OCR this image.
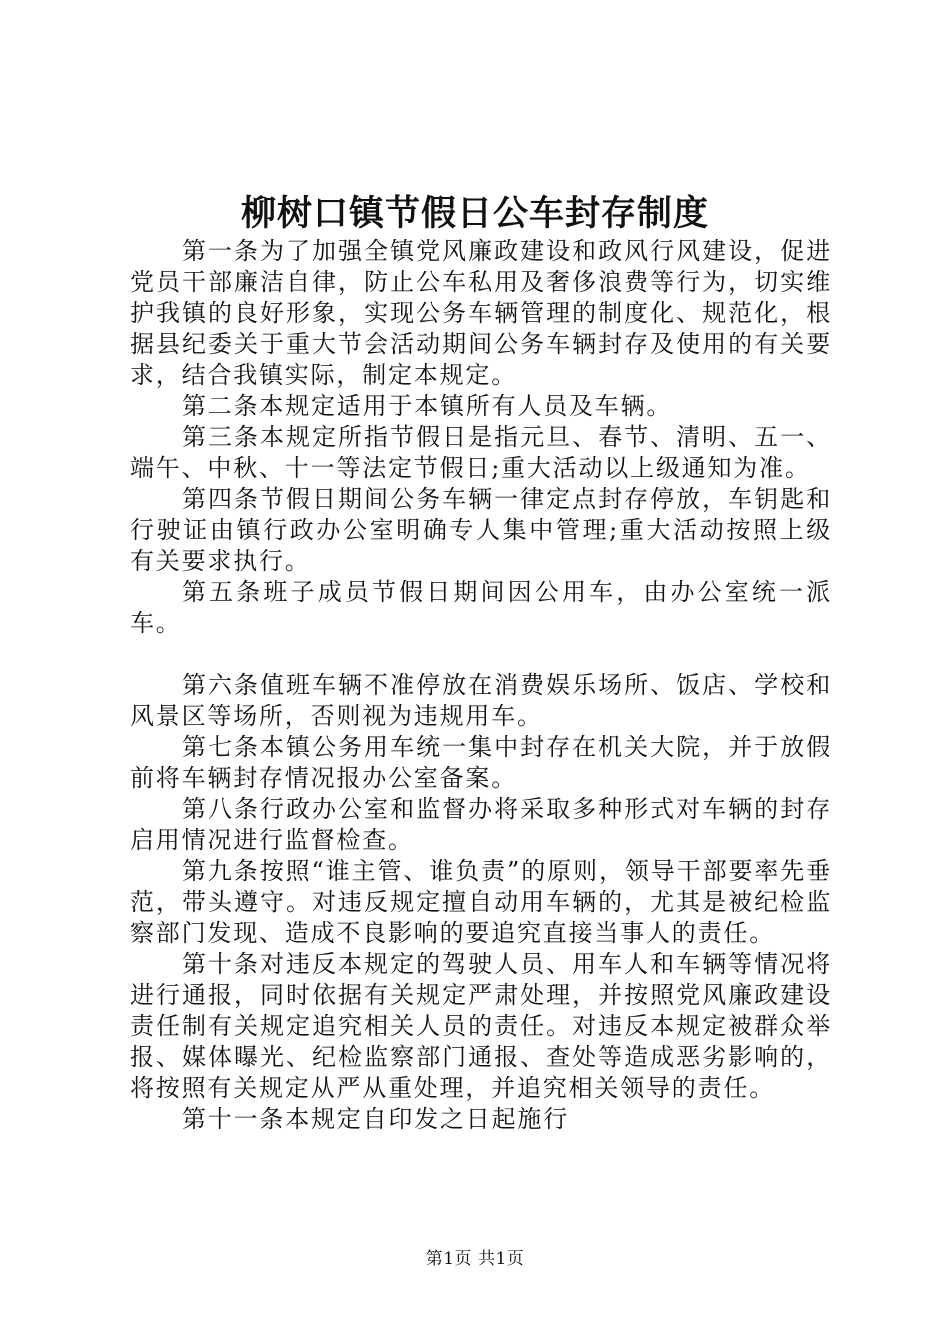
柳树口镇节假日公车封存制度

第一条为了加强全镇党风廉政建设和政风行风建设，促进党员干部廉洁自律，防止公车私用及奢侈浪费等行为，切实维护我镇的良好形象，实现公务车辆管理的制度化、规范化，根据县纪委关于重大节会活动期间公务车辆封存及使用的有关要求，结合我镇实际，制定本规定。

第二条本规定适用于本镇所有人员及车辆。

第三条本规定所指节假日是指元旦、春节、清明、五一、端午、中秋、十一等法定节假日;重大活动以上级通知为准。

第四条节假日期间公务车辆一律定点封存停放，车钥匙和行驶证由镇行政办公室明确专人集中管理;重大活动按照上级有关要求执行。

第五条班子成员节假日期间因公用车，由办公室统一派车。

第六条值班车辆不准停放在消费娱乐场所、饭店、学校和风景区等场所，否则视为违规用车。

第七条本镇公务用车统一集中封存在机关大院，并于放假前将车辆封存情况报办公室备案。

第八条行政办公室和监督办将采取多种形式对车辆的封存启用情况进行监督检查。

第九条按照“谁主管、谁负责”的原则，领导干部要率先垂范，带头遵守。对违反规定擅自动用车辆的，尤其是被纪检监察部门发现、造成不良影响的要追究直接当事人的责任。

第十条对违反本规定的驾驶人员、用车人和车辆等情况将进行通报，同时依据有关规定严肃处理，并按照党风廉政建设责任制有关规定追究相关人员的责任。对违反本规定被群众举报、媒体曝光、纪检监察部门通报、查处等造成恶劣影响的，将按照有关规定从严从重处理，并追究相关领导的责任。

第十一条本规定自印发之日起施行

第1页 共1页
